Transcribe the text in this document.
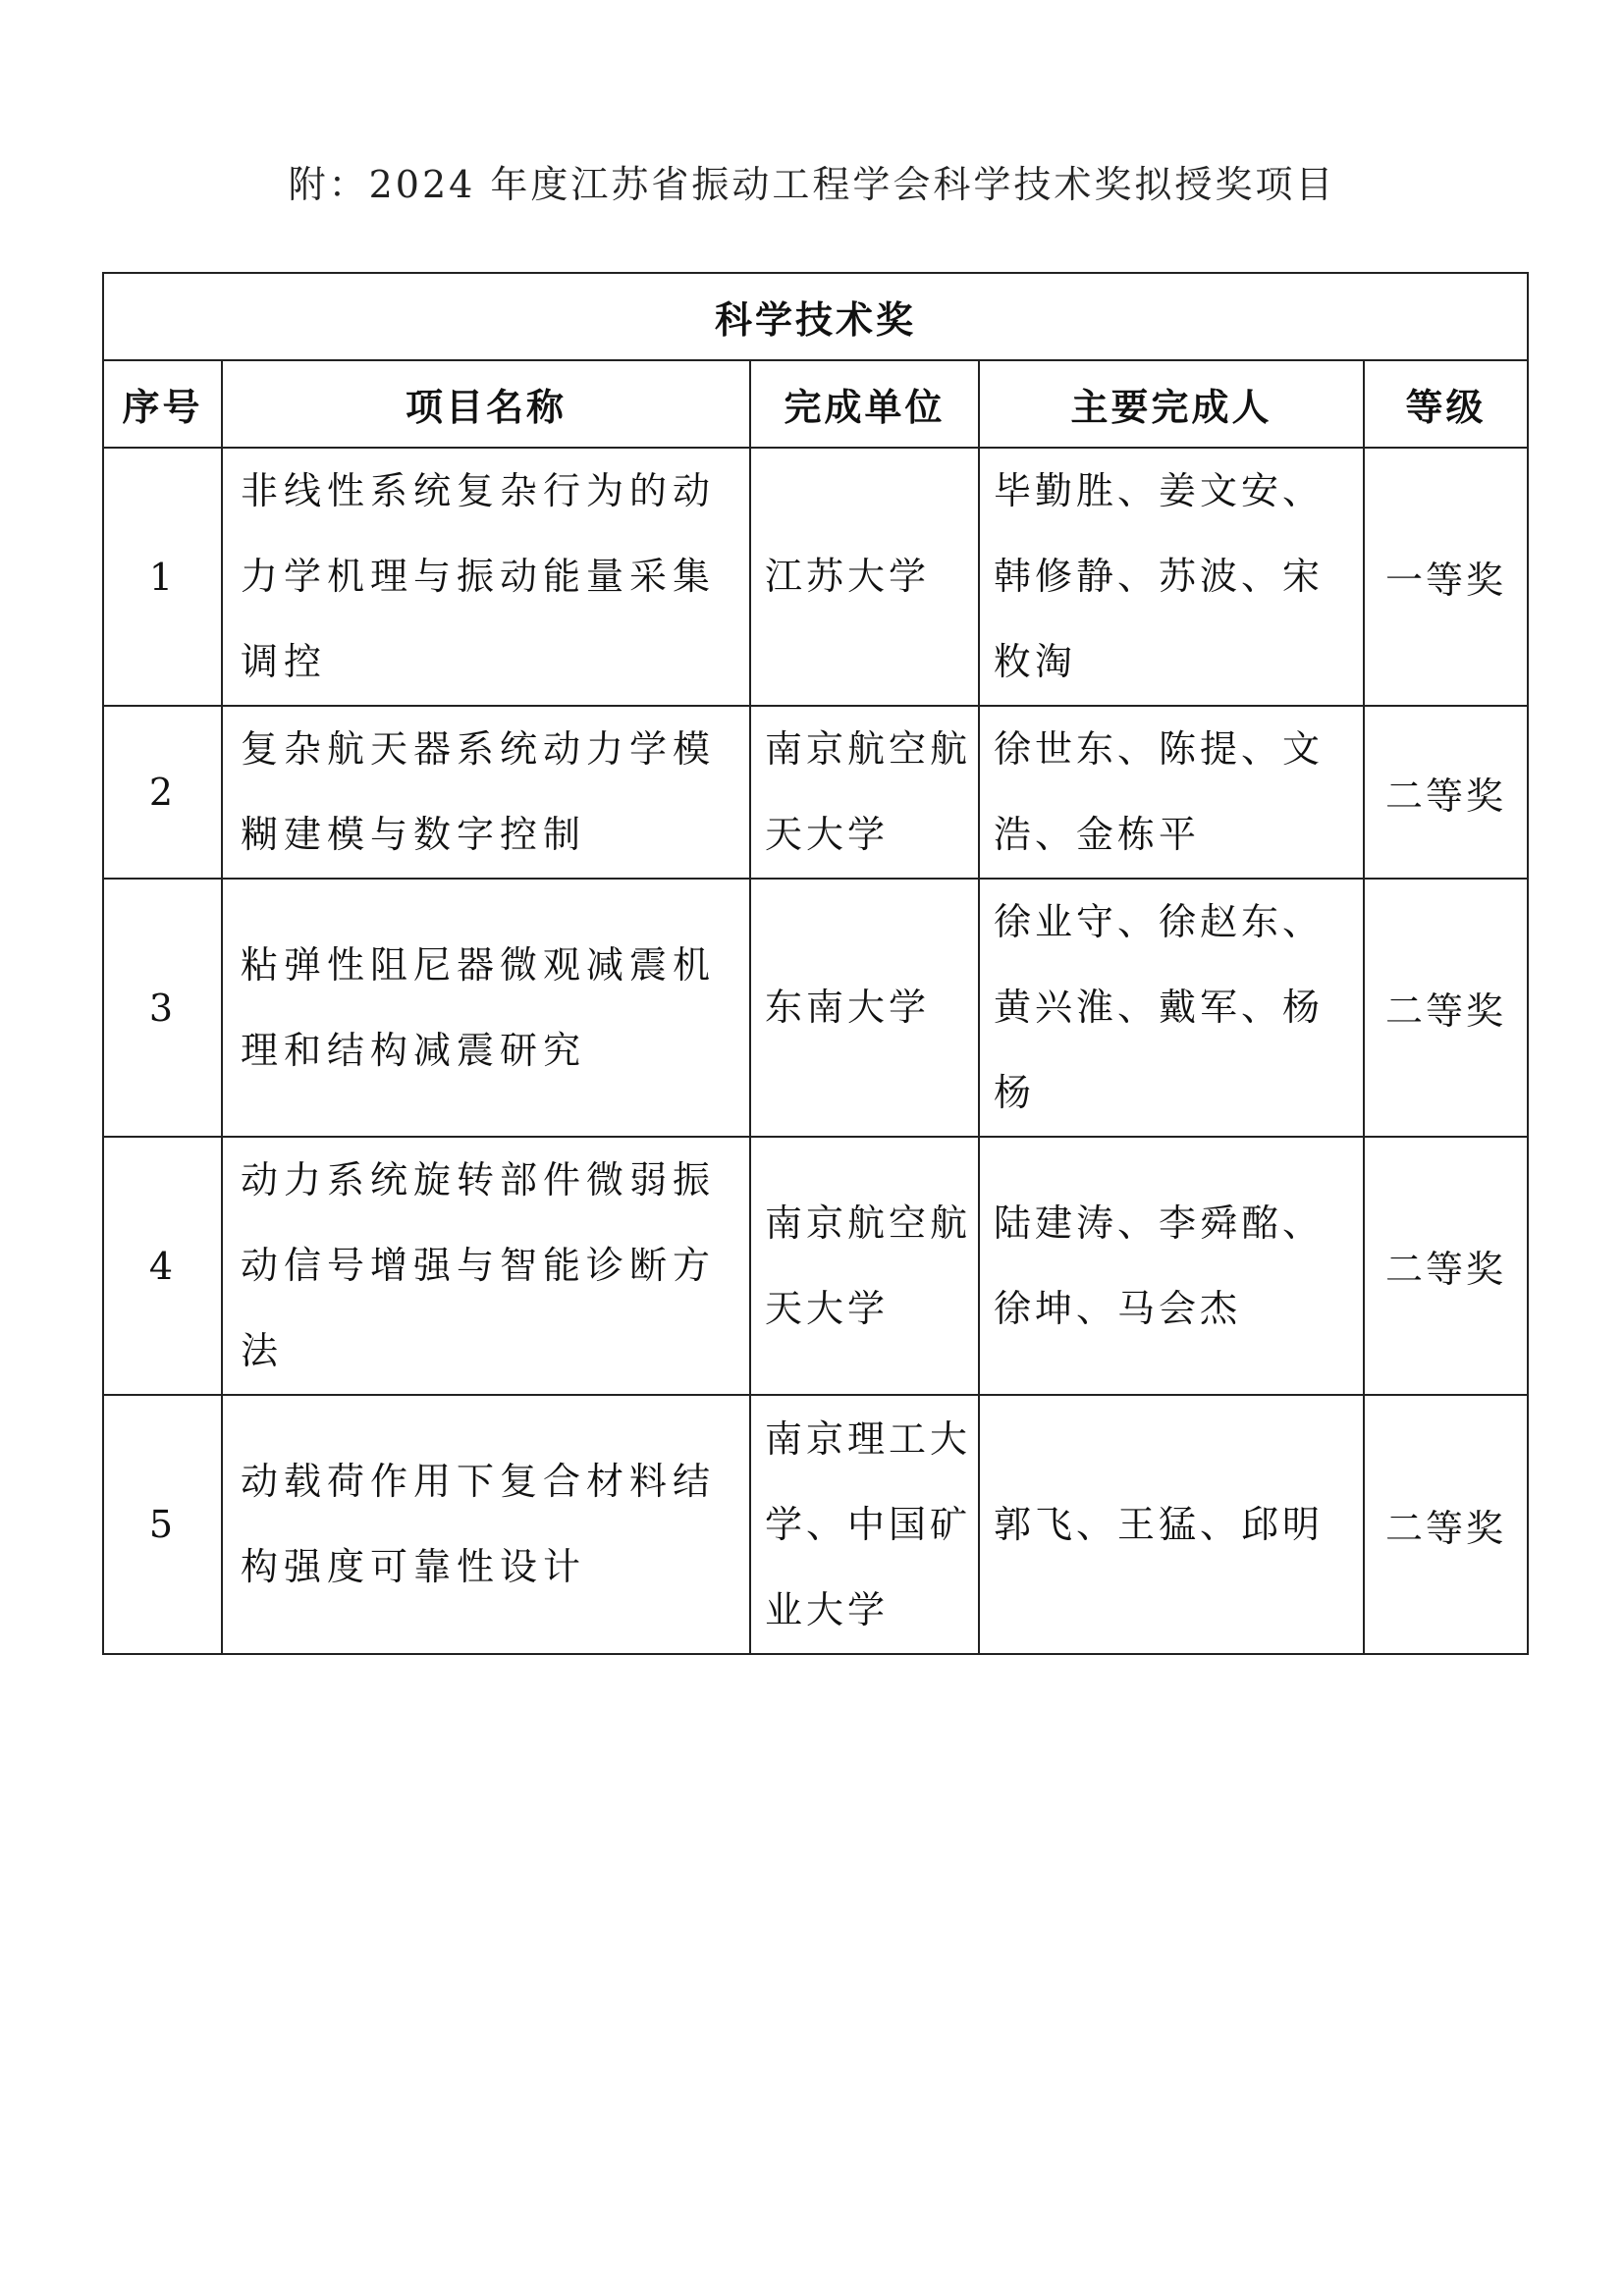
附：2024 年度江苏省振动工程学会科学技术奖拟授奖项目
科学技术奖				
序号	项目名称	完成单位	主要完成人	等级
1	非线性系统复杂行为的动力学机理与振动能量采集调控	江苏大学	毕勤胜、姜文安、韩修静、苏波、宋敉淘	一等奖
2	复杂航天器系统动力学模糊建模与数字控制	南京航空航天大学	徐世东、陈提、文浩、金栋平	二等奖
3	粘弹性阻尼器微观减震机理和结构减震研究	东南大学	徐业守、徐赵东、黄兴淮、戴军、杨杨	二等奖
4	动力系统旋转部件微弱振动信号增强与智能诊断方法	南京航空航天大学	陆建涛、李舜酩、徐坤、马会杰	二等奖
5	动载荷作用下复合材料结构强度可靠性设计	南京理工大学、中国矿业大学	郭飞、王猛、邱明	二等奖
